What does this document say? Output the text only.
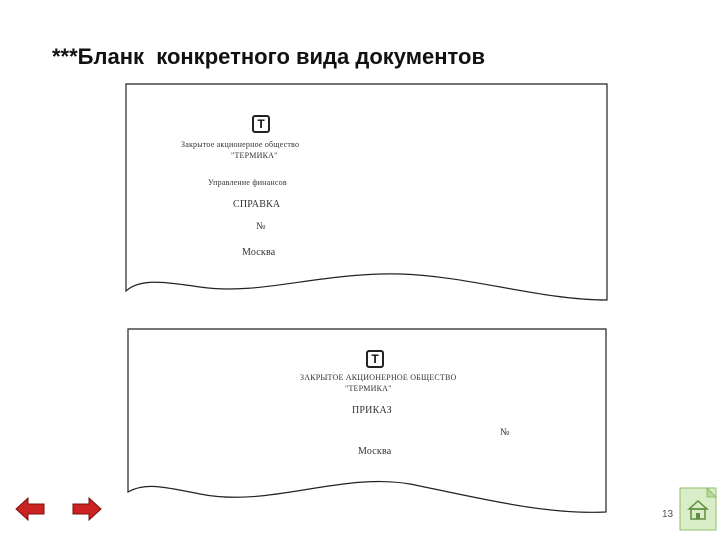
***Бланк  конкретного вида документов
Т
Закрытое акционерное общество
"ТЕРМИКА"
Управление финансов
СПРАВКА
№
Москва
Т
ЗАКРЫТОЕ АКЦИОНЕРНОЕ ОБЩЕСТВО
"ТЕРМИКА"
ПРИКАЗ
№
Москва
13
